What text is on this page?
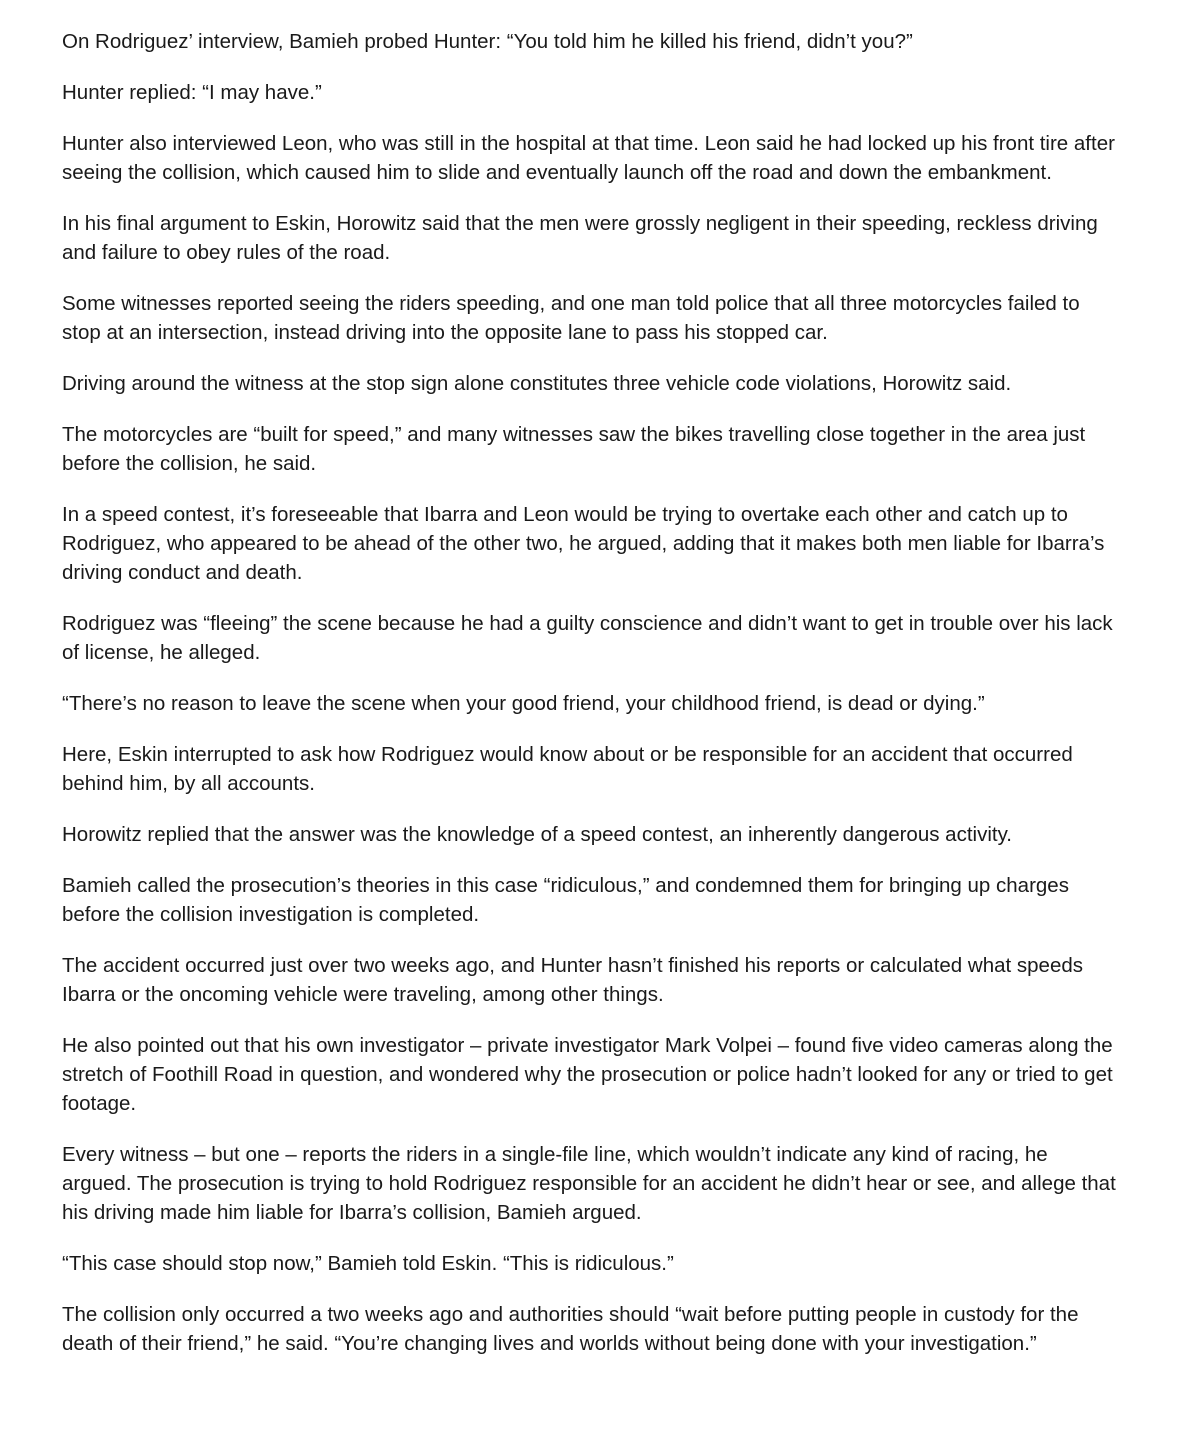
On Rodriguez’ interview, Bamieh probed Hunter: “You told him he killed his friend, didn’t you?”

Hunter replied: “I may have.”

Hunter also interviewed Leon, who was still in the hospital at that time. Leon said he had locked up his front tire after seeing the collision, which caused him to slide and eventually launch off the road and down the embankment.

In his final argument to Eskin, Horowitz said that the men were grossly negligent in their speeding, reckless driving and failure to obey rules of the road.

Some witnesses reported seeing the riders speeding, and one man told police that all three motorcycles failed to stop at an intersection, instead driving into the opposite lane to pass his stopped car.

Driving around the witness at the stop sign alone constitutes three vehicle code violations, Horowitz said.

The motorcycles are “built for speed,” and many witnesses saw the bikes travelling close together in the area just before the collision, he said.

In a speed contest, it’s foreseeable that Ibarra and Leon would be trying to overtake each other and catch up to Rodriguez, who appeared to be ahead of the other two, he argued, adding that it makes both men liable for Ibarra’s driving conduct and death.

Rodriguez was “fleeing” the scene because he had a guilty conscience and didn’t want to get in trouble over his lack of license, he alleged.

“There’s no reason to leave the scene when your good friend, your childhood friend, is dead or dying.”

Here, Eskin interrupted to ask how Rodriguez would know about or be responsible for an accident that occurred behind him, by all accounts.

Horowitz replied that the answer was the knowledge of a speed contest, an inherently dangerous activity.

Bamieh called the prosecution’s theories in this case “ridiculous,” and condemned them for bringing up charges before the collision investigation is completed.

The accident occurred just over two weeks ago, and Hunter hasn’t finished his reports or calculated what speeds Ibarra or the oncoming vehicle were traveling, among other things.

He also pointed out that his own investigator – private investigator Mark Volpei – found five video cameras along the stretch of Foothill Road in question, and wondered why the prosecution or police hadn’t looked for any or tried to get footage.

Every witness – but one – reports the riders in a single-file line, which wouldn’t indicate any kind of racing, he argued. The prosecution is trying to hold Rodriguez responsible for an accident he didn’t hear or see, and allege that his driving made him liable for Ibarra’s collision, Bamieh argued.

“This case should stop now,” Bamieh told Eskin. “This is ridiculous.”

The collision only occurred a two weeks ago and authorities should “wait before putting people in custody for the death of their friend,” he said. “You’re changing lives and worlds without being done with your investigation.”
